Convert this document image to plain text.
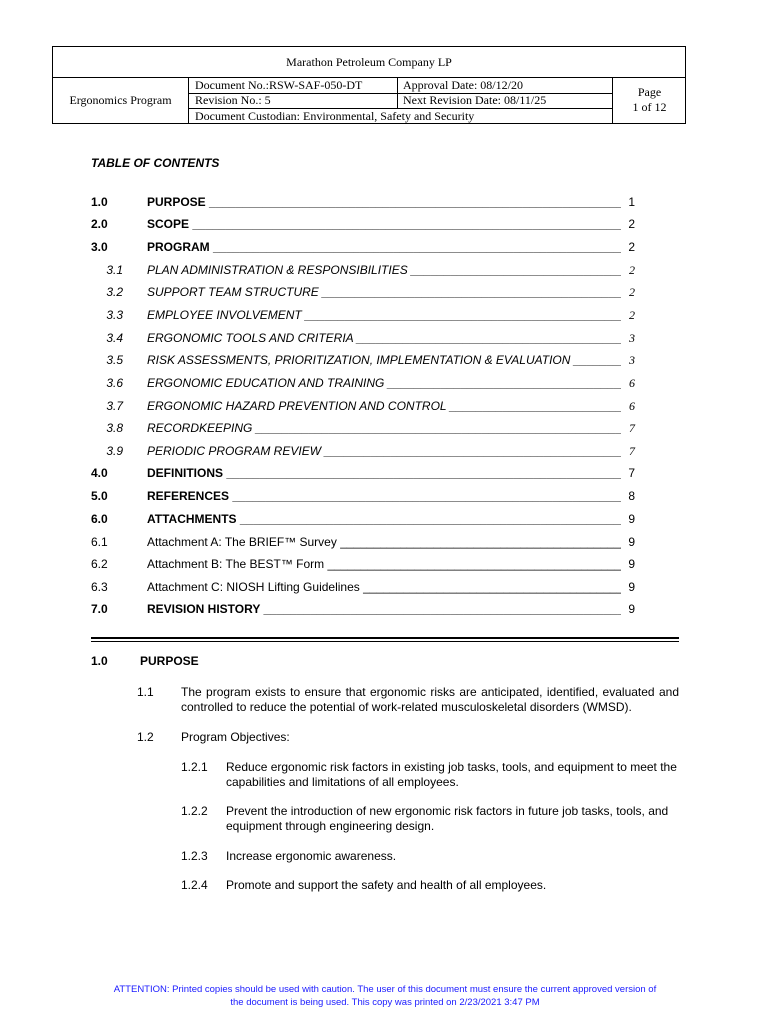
Marathon Petroleum Company LP
Ergonomics Program
Document No.:RSW-SAF-050-DT	Approval Date: 08/12/20
Revision No.: 5	Next Revision Date: 08/11/25
Document Custodian: Environmental, Safety and Security
Page
1 of 12
TABLE OF CONTENTS
1.0	PURPOSE _____	1
2.0	SCOPE _____	2
3.0	PROGRAM _____	2
3.1 PLAN ADMINISTRATION & RESPONSIBILITIES _____	2
3.2 SUPPORT TEAM STRUCTURE _____	2
3.3 EMPLOYEE INVOLVEMENT _____	2
3.4 ERGONOMIC TOOLS AND CRITERIA _____	3
3.5 RISK ASSESSMENTS, PRIORITIZATION, IMPLEMENTATION & EVALUATION _____	3
3.6 ERGONOMIC EDUCATION AND TRAINING _____	6
3.7 ERGONOMIC HAZARD PREVENTION AND CONTROL _____	6
3.8 RECORDKEEPING _____	7
3.9 PERIODIC PROGRAM REVIEW _____	7
4.0	DEFINITIONS _____	7
5.0	REFERENCES _____	8
6.0	ATTACHMENTS _____	9
6.1	Attachment A: The BRIEF™ Survey _____	9
6.2	Attachment B: The BEST™ Form _____	9
6.3	Attachment C: NIOSH Lifting Guidelines _____	9
7.0	REVISION HISTORY _____	9
1.0	PURPOSE
1.1 The program exists to ensure that ergonomic risks are anticipated, identified, evaluated and controlled to reduce the potential of work-related musculoskeletal disorders (WMSD).
1.2 Program Objectives:
1.2.1 Reduce ergonomic risk factors in existing job tasks, tools, and equipment to meet the capabilities and limitations of all employees.
1.2.2 Prevent the introduction of new ergonomic risk factors in future job tasks, tools, and equipment through engineering design.
1.2.3 Increase ergonomic awareness.
1.2.4 Promote and support the safety and health of all employees.
ATTENTION: Printed copies should be used with caution. The user of this document must ensure the current approved version of
the document is being used. This copy was printed on 2/23/2021 3:47 PM
